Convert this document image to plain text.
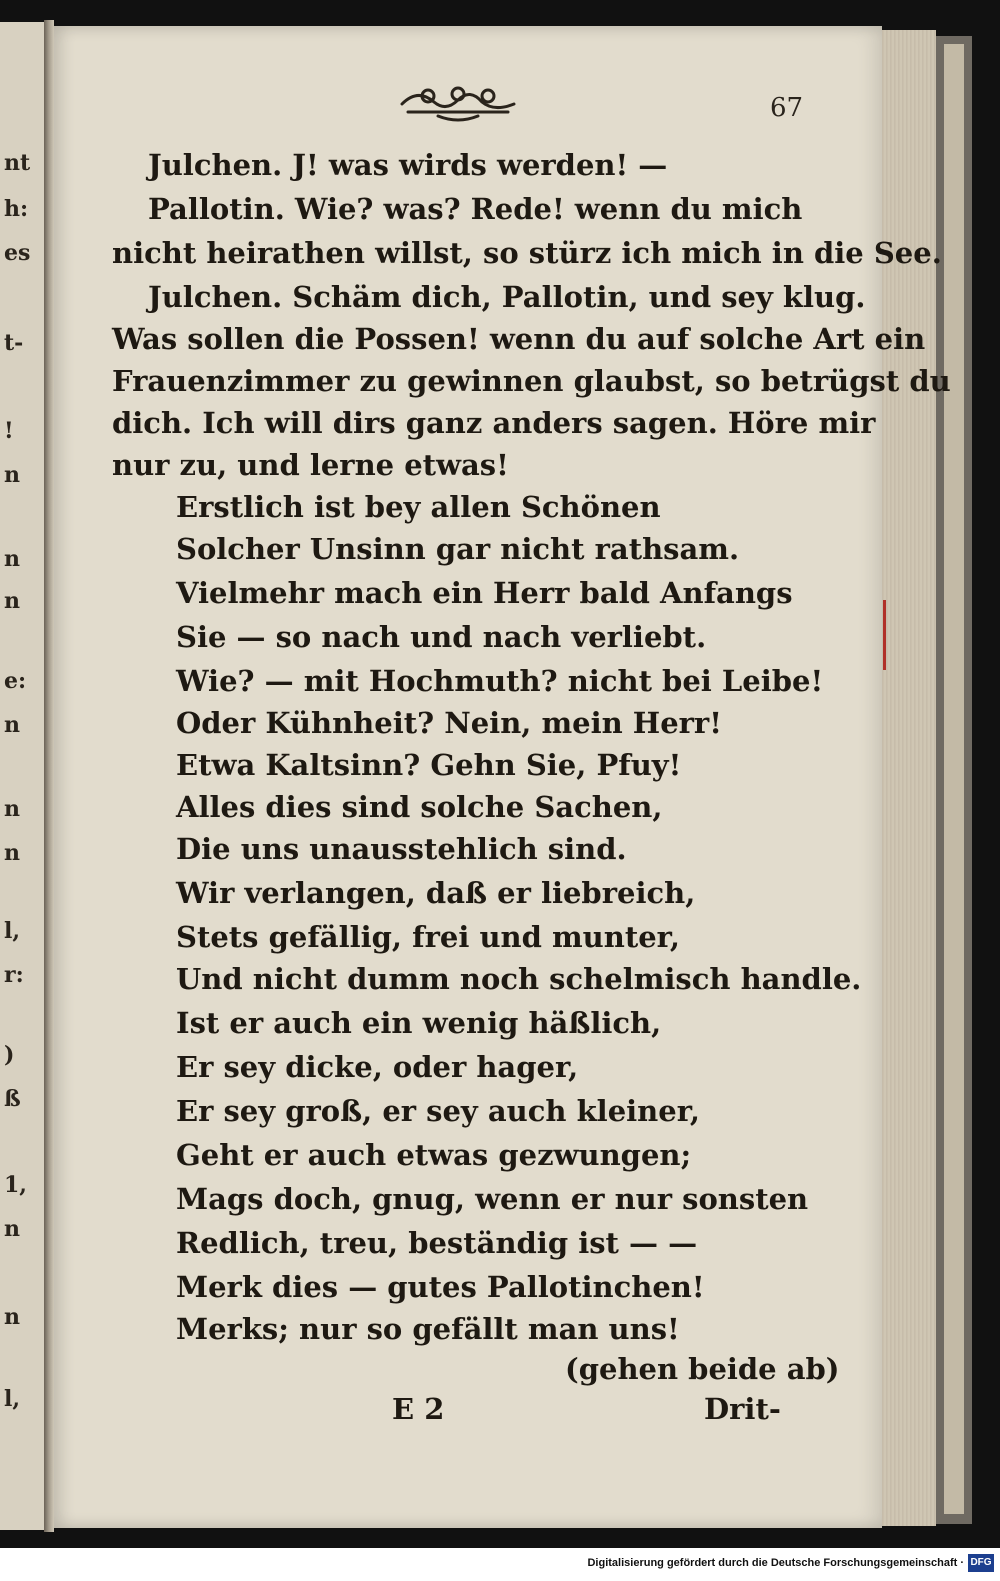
nt
h:
es
t-
!
n
n
n
e:
n
n
n
l,
r:
)
ß
1,
n
n
l,
67
Julchen. J! was wirds werden! —
Pallotin. Wie? was? Rede! wenn du mich
nicht heirathen willst, so stürz ich mich in die See.
Julchen. Schäm dich, Pallotin, und sey klug.
Was sollen die Possen! wenn du auf solche Art ein
Frauenzimmer zu gewinnen glaubst, so betrügst du
dich. Ich will dirs ganz anders sagen. Höre mir
nur zu, und lerne etwas!
Erstlich ist bey allen Schönen
Solcher Unsinn gar nicht rathsam.
Vielmehr mach ein Herr bald Anfangs
Sie — so nach und nach verliebt.
Wie? — mit Hochmuth? nicht bei Leibe!
Oder Kühnheit? Nein, mein Herr!
Etwa Kaltsinn? Gehn Sie, Pfuy!
Alles dies sind solche Sachen,
Die uns unausstehlich sind.
Wir verlangen, daß er liebreich,
Stets gefällig, frei und munter,
Und nicht dumm noch schelmisch handle.
Ist er auch ein wenig häßlich,
Er sey dicke, oder hager,
Er sey groß, er sey auch kleiner,
Geht er auch etwas gezwungen;
Mags doch, gnug, wenn er nur sonsten
Redlich, treu, beständig ist — —
Merk dies — gutes Pallotinchen!
Merks; nur so gefällt man uns!
(gehen beide ab)
E 2	Drit-
Digitalisierung gefördert durch die Deutsche Forschungsgemeinschaft · DFG
